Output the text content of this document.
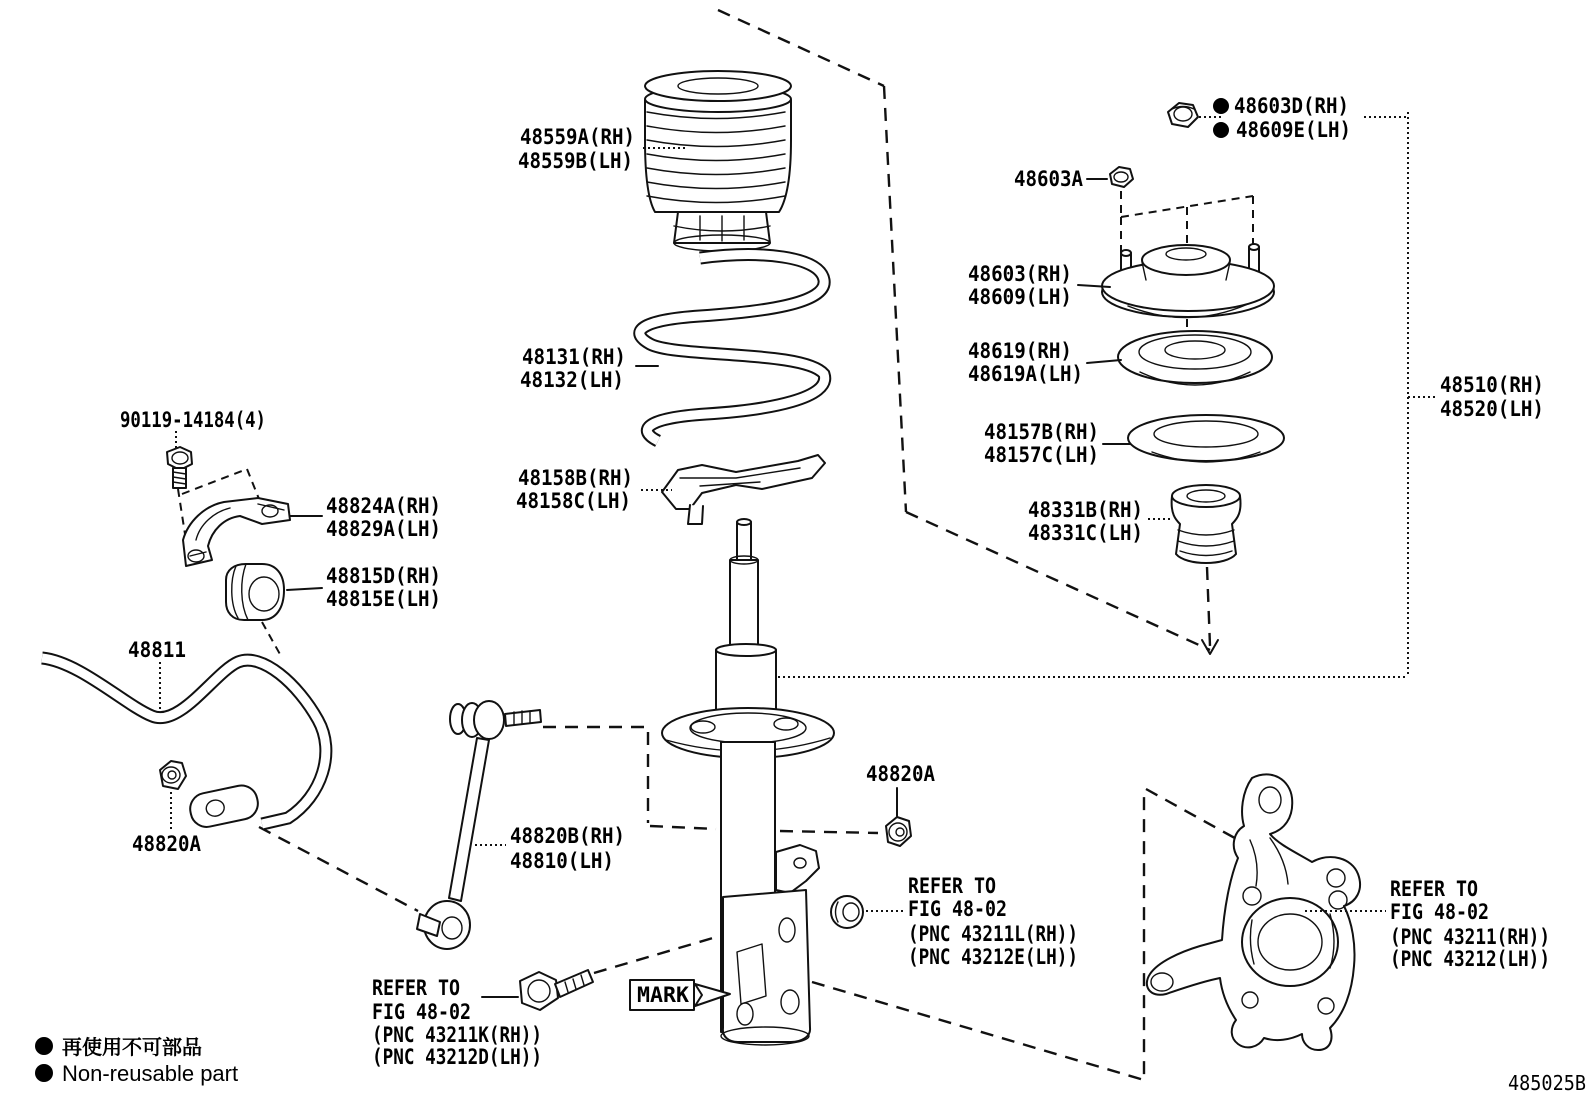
MARK
48559A(RH)
48559B(LH)
48131(RH)
48132(LH)
48158B(RH)
48158C(LH)
90119-14184(4)
48824A(RH)
48829A(LH)
48815D(RH)
48815E(LH)
48811
48820A	48820B(RH)
48810(LH)
48820A
48603D(RH)
48609E(LH)
48603A
48603(RH)
48609(LH)
48619(RH)
48619A(LH)
48157B(RH)
48157C(LH)
48331B(RH)
48331C(LH)
48510(RH)
48520(LH)
REFER TO
FIG 48-02
(PNC 43211K(RH))
(PNC 43212D(LH))
REFER TO
FIG 48-02
(PNC 43211L(RH))
(PNC 43212E(LH))
REFER TO
FIG 48-02
(PNC 43211(RH))
(PNC 43212(LH))
再使用不可部品
Non-reusable part	485025B
